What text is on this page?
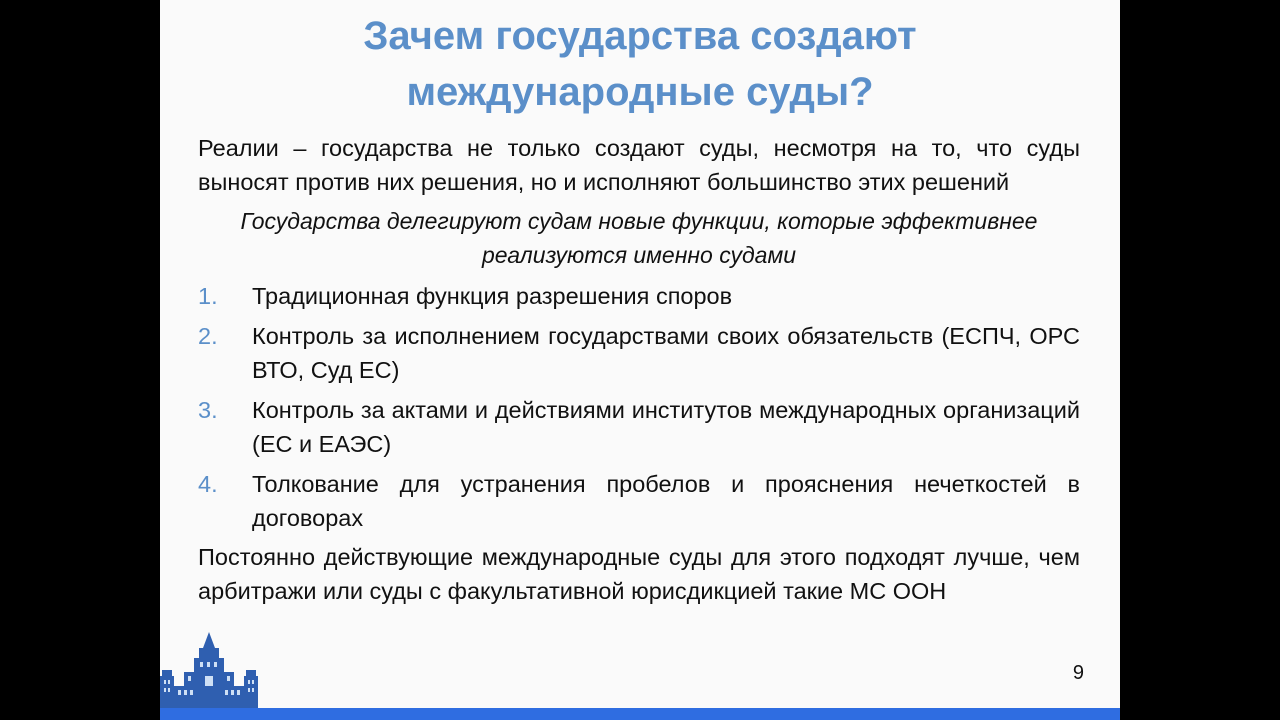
Зачем государства создают
международные суды?
Реалии – государства не только создают суды, несмотря на то, что суды выносят против них решения, но и исполняют большинство этих решений
Государства делегируют судам новые функции, которые эффективнее
реализуются именно судами
1. Традиционная функция разрешения споров
2. Контроль за исполнением государствами своих обязательств (ЕСПЧ, ОРС ВТО, Суд ЕС)
3. Контроль за актами и действиями институтов международных организаций (ЕС и ЕАЭС)
4. Толкование для устранения пробелов и прояснения нечеткостей в договорах
Постоянно действующие международные суды для этого подходят лучше, чем арбитражи или суды с факультативной юрисдикцией такие МС ООН
9
